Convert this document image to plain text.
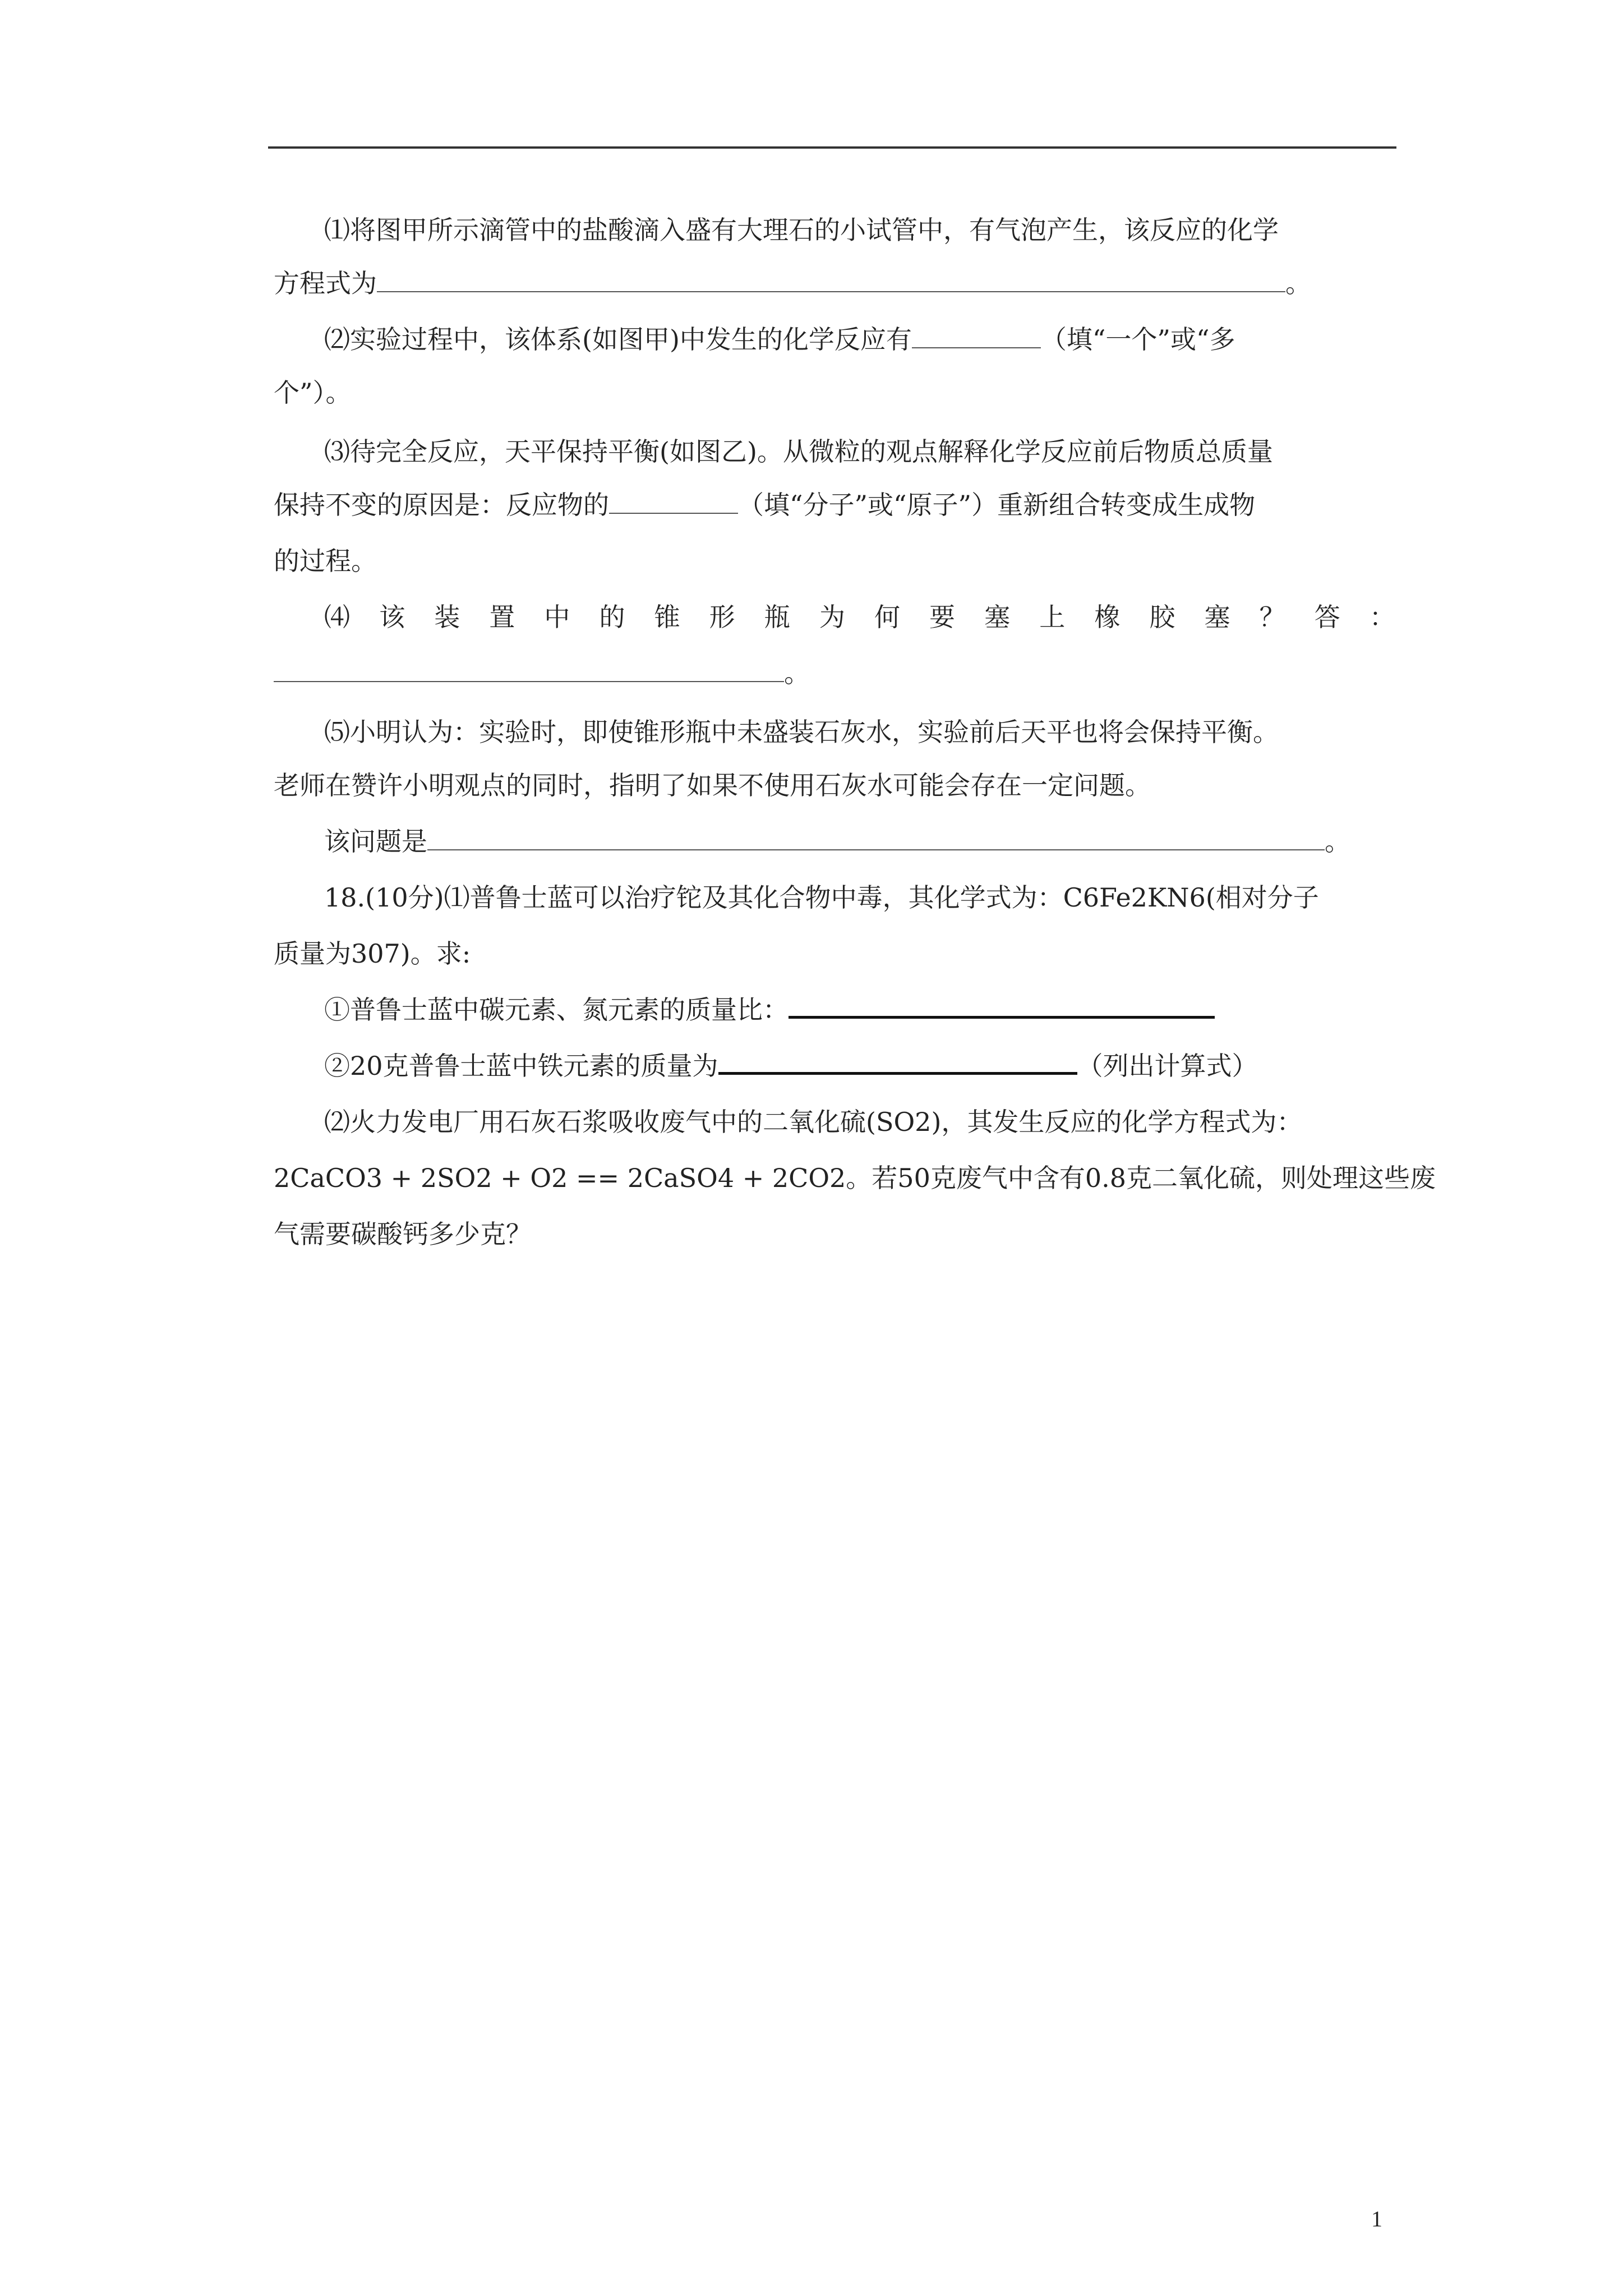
⑴将图甲所示滴管中的盐酸滴入盛有大理石的小试管中，有气泡产生，该反应的化学
方程式为	。
⑵实验过程中，该体系(如图甲)中发生的化学反应有	（填“一个”或“多
个”）。
⑶待完全反应，天平保持平衡(如图乙)。从微粒的观点解释化学反应前后物质总质量
保持不变的原因是：反应物的	（填“分子”或“原子”）重新组合转变成生成物
的过程。
⑷ 该 装 置 中 的 锥 形 瓶 为 何 要 塞 上 橡 胶 塞 ？ 答 ：
。
⑸小明认为：实验时，即使锥形瓶中未盛装石灰水，实验前后天平也将会保持平衡。
老师在赞许小明观点的同时，指明了如果不使用石灰水可能会存在一定问题。
该问题是	。
18.(10分)⑴普鲁士蓝可以治疗铊及其化合物中毒，其化学式为：C6Fe2KN6(相对分子
质量为307)。求:
①普鲁士蓝中碳元素、氮元素的质量比：
②20克普鲁士蓝中铁元素的质量为	（列出计算式）
⑵火力发电厂用石灰石浆吸收废气中的二氧化硫(SO2)，其发生反应的化学方程式为：
2CaCO3 + 2SO2 + O2 == 2CaSO4 + 2CO2。若50克废气中含有0.8克二氧化硫，则处理这些废
气需要碳酸钙多少克？
1
